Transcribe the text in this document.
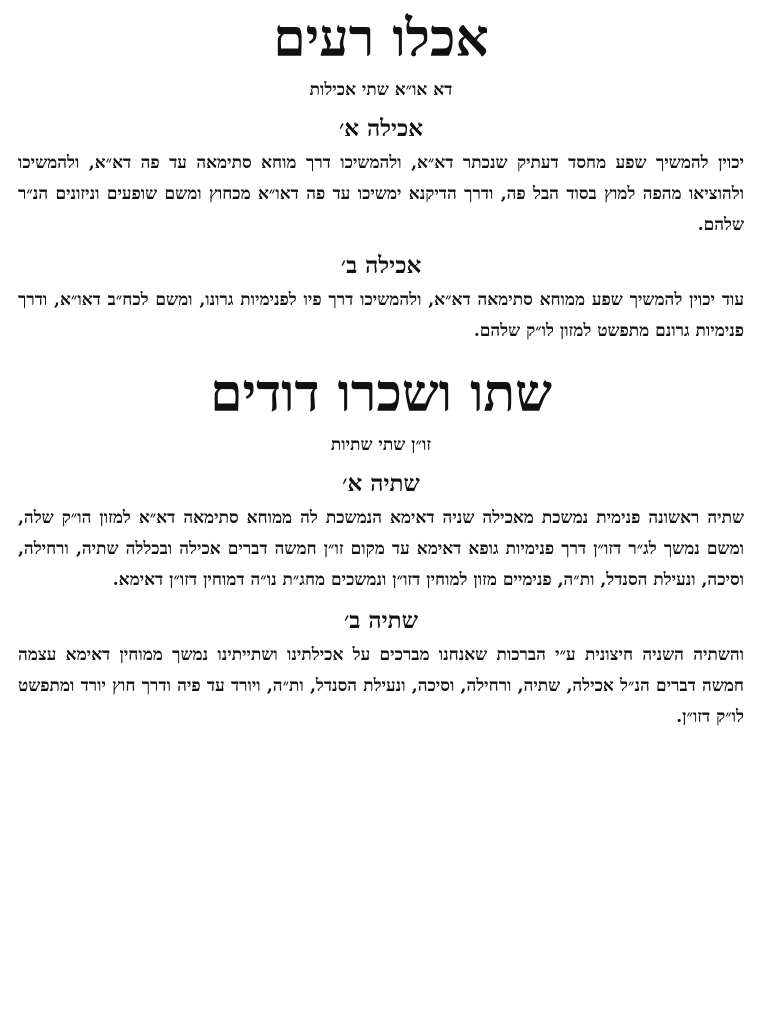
אכלו רעים
דא או״א שתי אכילות
אכילה א׳

יכוין להמשיך שפע מחסד דעתיק שנכתר דא״א, ולהמשיכו דרך מוחא סתימאה עד פה דא״א, ולהמשיכו ולהוציאו מהפה למוץ בסוד הבל פה, ודרך הדיקנא ימשיכו עד פה דאו״א מכחוץ ומשם שופעים וניזונים הנ״ר שלהם.

אכילה ב׳

עוד יכוין להמשיך שפע ממוחא סתימאה דא״א, ולהמשיכו דרך פיו לפנימיות גרונו, ומשם לכח״ב דאו״א, ודרך פנימיות גרונם מתפשט למזון לו״ק שלהם.

שתו ושכרו דודים
זו״ן שתי שתיות
שתיה א׳

שתיה ראשונה פנימית נמשכת מאכילה שניה דאימא הנמשכת לה ממוחא סתימאה דא״א למזון הו״ק שלה, ומשם נמשך לג״ר דזו״ן דרך פנימיות גופא דאימא עד מקום זו״ן חמשה דברים אכילה ובכללה שתיה, ורחילה, וסיכה, ונעילת הסנדל, ות״ה, פנימיים מזון למוחין דזו״ן ונמשכים מחג״ת נו״ה דמוחין דזו״ן דאימא.

שתיה ב׳

והשתיה השניה חיצונית ע״י הברכות שאנחנו מברכים על אכילתינו ושתייתינו נמשך ממוחין דאימא עצמה חמשה דברים הנ״ל אכילה, שתיה, ורחילה, וסיכה, ונעילת הסנדל, ות״ה, ויורד עד פיה ודרך חוץ יורד ומתפשט לו״ק דזו״ן.
